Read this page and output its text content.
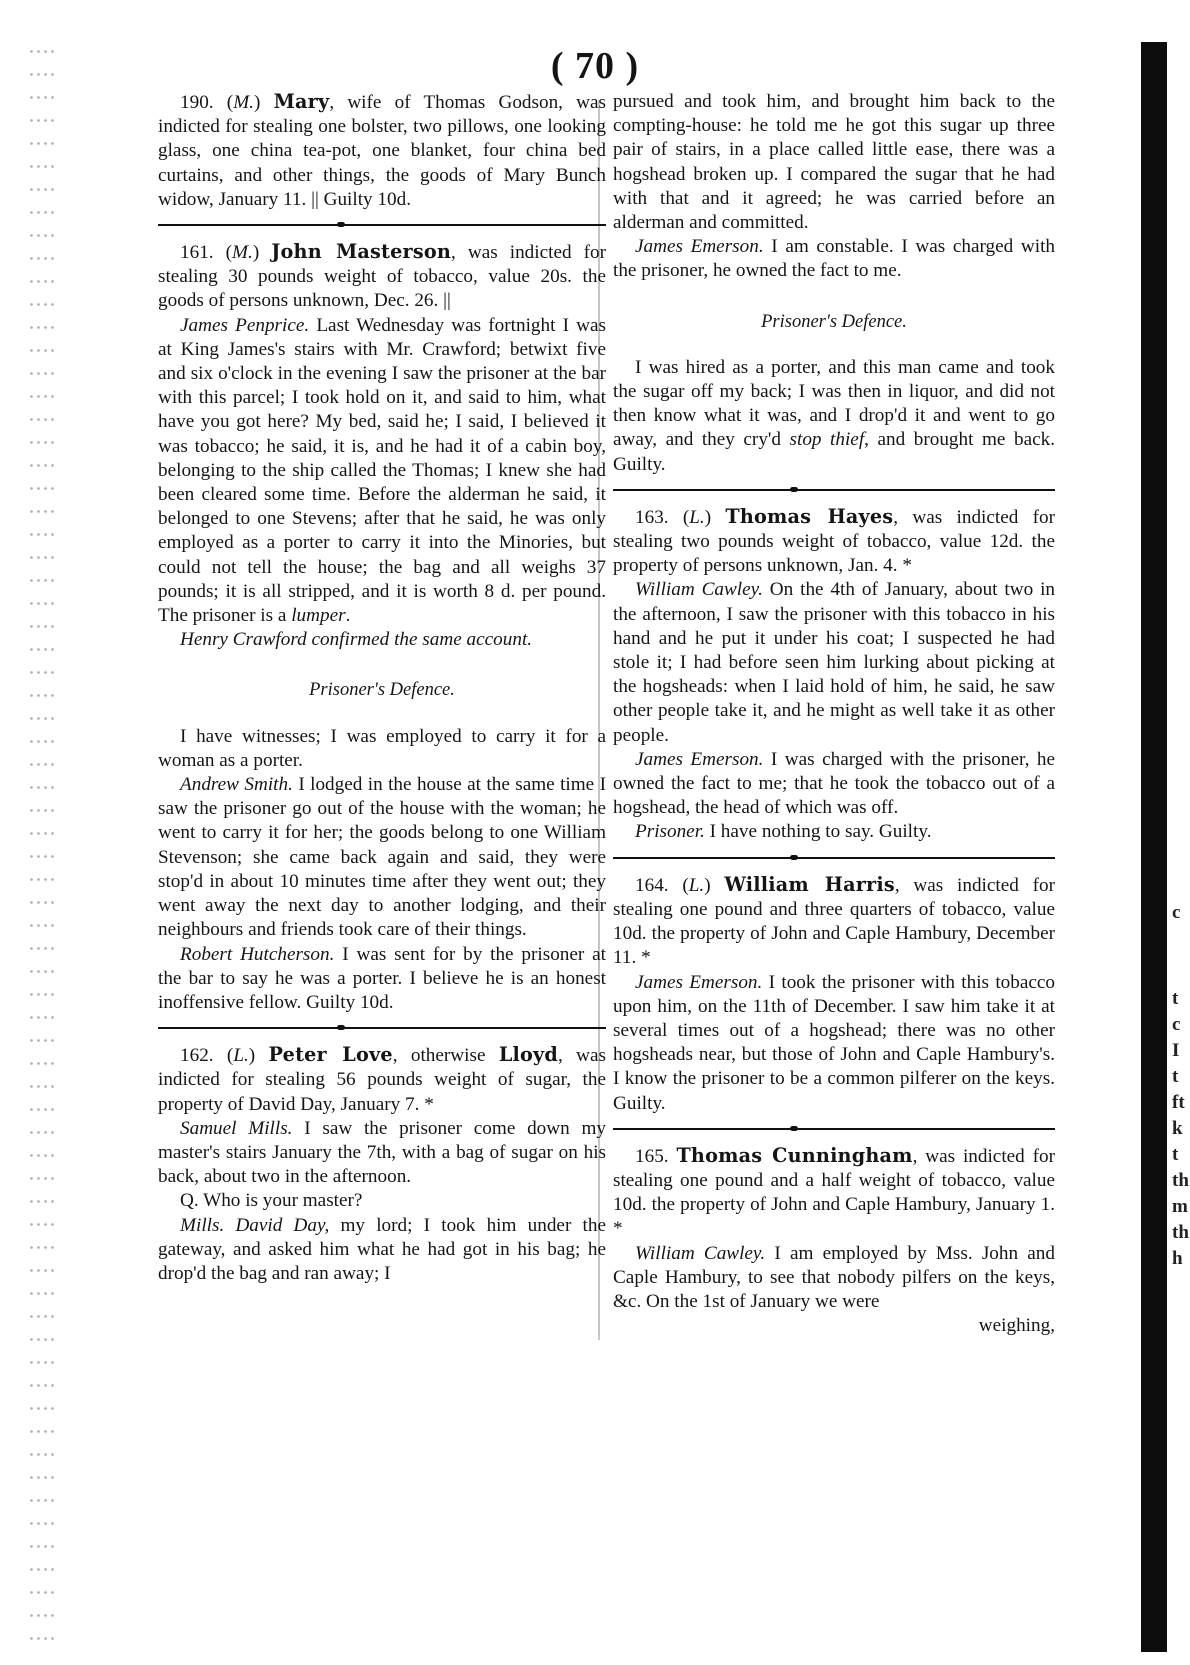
c
t
c
I
t
ft
k
t
th
m
th
h
( 70 )

190. (M.) Mary, wife of Thomas Godson, was indicted for stealing one bolster, two pillows, one looking glass, one china tea-pot, one blanket, four china bed curtains, and other things, the goods of Mary Bunch widow, January 11. || Guilty 10d.

161. (M.) John Masterson, was indicted for stealing 30 pounds weight of tobacco, value 20s. the goods of persons unknown, Dec. 26. ||

James Penprice. Last Wednesday was fortnight I was at King James's stairs with Mr. Crawford; betwixt five and six o'clock in the evening I saw the prisoner at the bar with this parcel; I took hold on it, and said to him, what have you got here? My bed, said he; I said, I believed it was tobacco; he said, it is, and he had it of a cabin boy, belonging to the ship called the Thomas; I knew she had been cleared some time. Before the alderman he said, it belonged to one Stevens; after that he said, he was only employed as a porter to carry it into the Minories, but could not tell the house; the bag and all weighs 37 pounds; it is all stripped, and it is worth 8 d. per pound. The prisoner is a lumper.

Henry Crawford confirmed the same account.

Prisoner's Defence.

I have witnesses; I was employed to carry it for a woman as a porter.

Andrew Smith. I lodged in the house at the same time I saw the prisoner go out of the house with the woman; he went to carry it for her; the goods belong to one William Stevenson; she came back again and said, they were stop'd in about 10 minutes time after they went out; they went away the next day to another lodging, and their neighbours and friends took care of their things.

Robert Hutcherson. I was sent for by the prisoner at the bar to say he was a porter. I believe he is an honest inoffensive fellow. Guilty 10d.

162. (L.) Peter Love, otherwise Lloyd, was indicted for stealing 56 pounds weight of sugar, the property of David Day, January 7. *

Samuel Mills. I saw the prisoner come down my master's stairs January the 7th, with a bag of sugar on his back, about two in the afternoon.

Q. Who is your master?

Mills. David Day, my lord; I took him under the gateway, and asked him what he had got in his bag; he drop'd the bag and ran away; I

pursued and took him, and brought him back to the compting-house: he told me he got this sugar up three pair of stairs, in a place called little ease, there was a hogshead broken up. I compared the sugar that he had with that and it agreed; he was carried before an alderman and committed.

James Emerson. I am constable. I was charged with the prisoner, he owned the fact to me.

Prisoner's Defence.

I was hired as a porter, and this man came and took the sugar off my back; I was then in liquor, and did not then know what it was, and I drop'd it and went to go away, and they cry'd stop thief, and brought me back. Guilty.

163. (L.) Thomas Hayes, was indicted for stealing two pounds weight of tobacco, value 12d. the property of persons unknown, Jan. 4. *

William Cawley. On the 4th of January, about two in the afternoon, I saw the prisoner with this tobacco in his hand and he put it under his coat; I suspected he had stole it; I had before seen him lurking about picking at the hogsheads: when I laid hold of him, he said, he saw other people take it, and he might as well take it as other people.

James Emerson. I was charged with the prisoner, he owned the fact to me; that he took the tobacco out of a hogshead, the head of which was off.

Prisoner. I have nothing to say. Guilty.

164. (L.) William Harris, was indicted for stealing one pound and three quarters of tobacco, value 10d. the property of John and Caple Hambury, December 11. *

James Emerson. I took the prisoner with this tobacco upon him, on the 11th of December. I saw him take it at several times out of a hogshead; there was no other hogsheads near, but those of John and Caple Hambury's. I know the prisoner to be a common pilferer on the keys. Guilty.

165. Thomas Cunningham, was indicted for stealing one pound and a half weight of tobacco, value 10d. the property of John and Caple Hambury, January 1. *

William Cawley. I am employed by Mss. John and Caple Hambury, to see that nobody pilfers on the keys, &c. On the 1st of January we were

weighing,
